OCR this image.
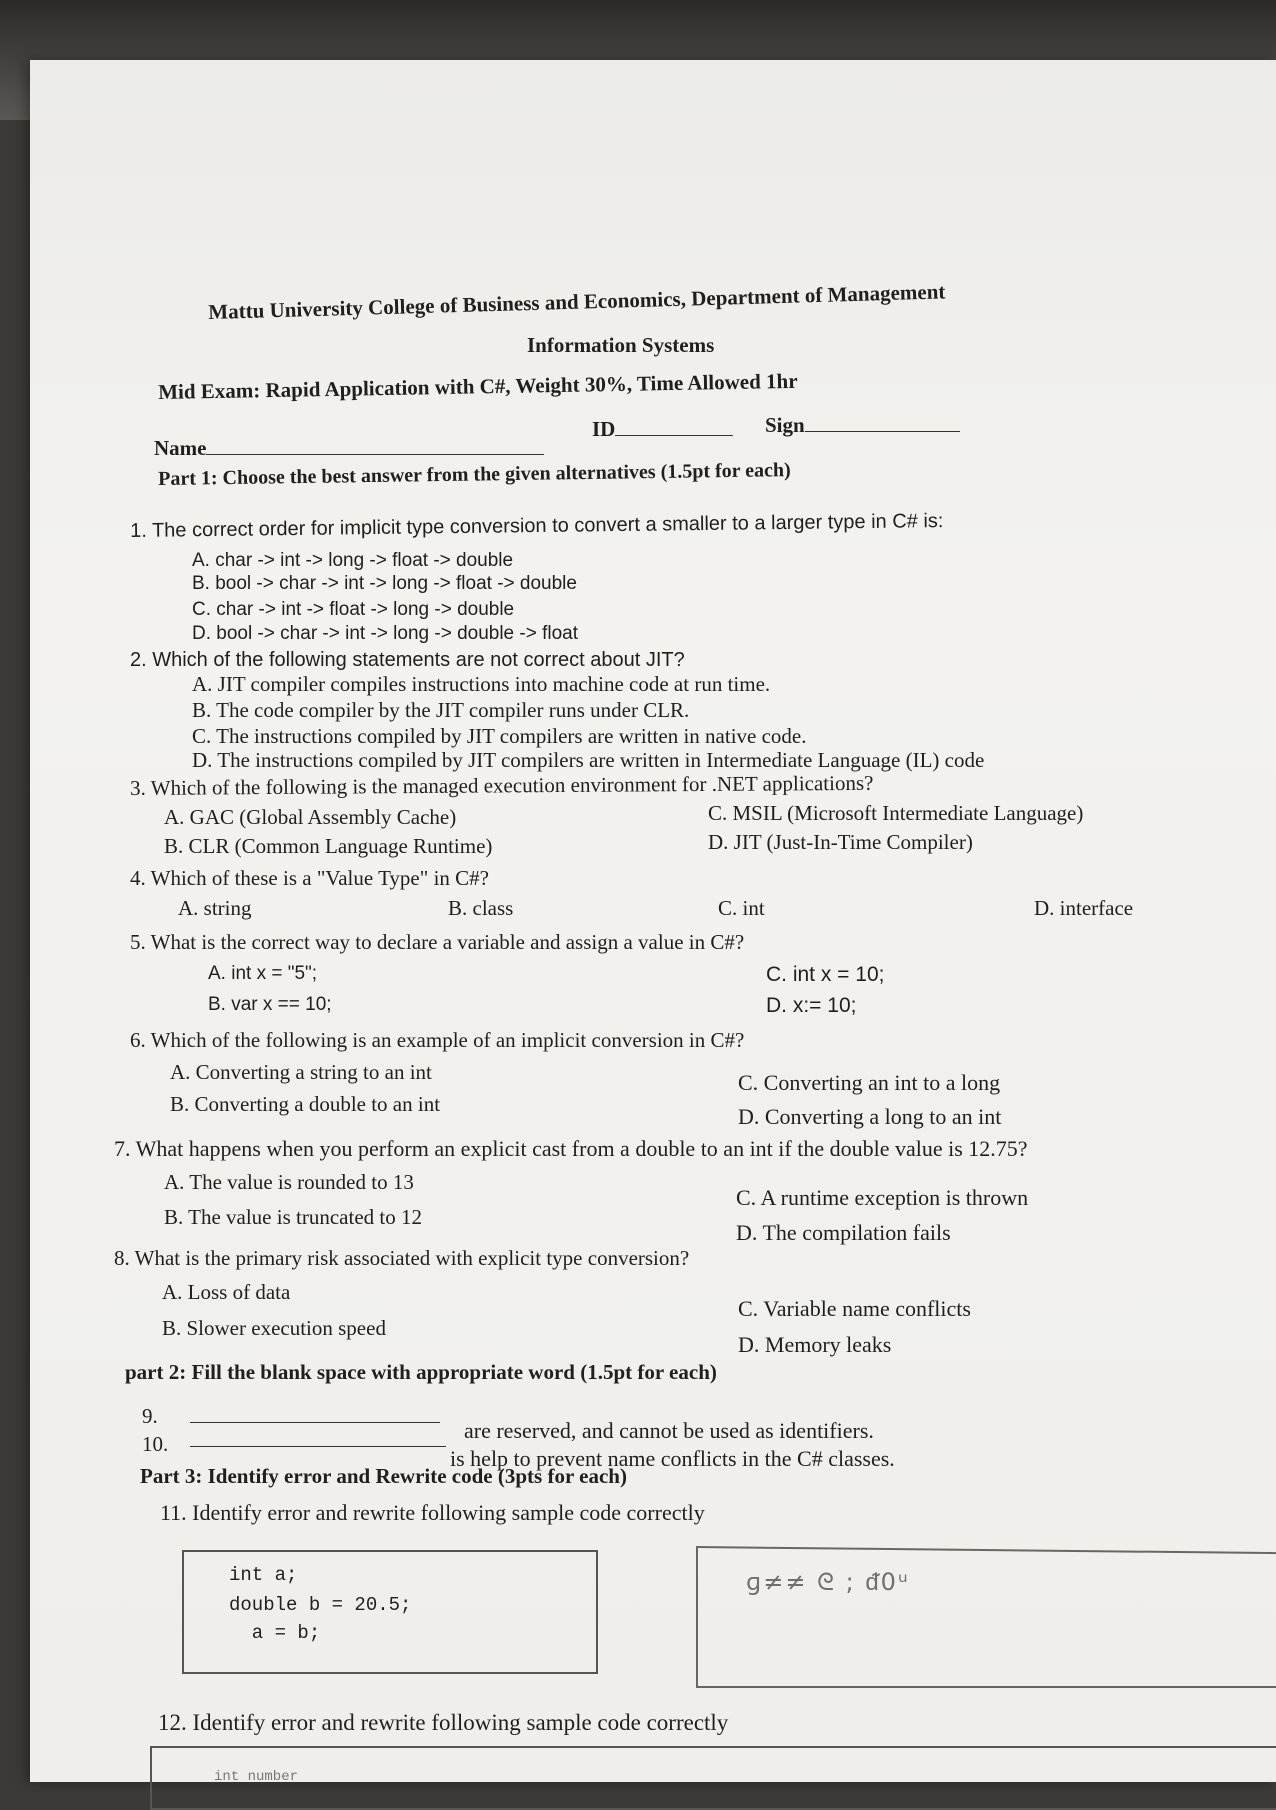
Mattu University College of Business and Economics, Department of Management
Information Systems
Mid Exam: Rapid Application with C#, Weight 30%, Time Allowed 1hr
Name
ID	Sign
Part 1: Choose the best answer from the given alternatives (1.5pt for each)
1. The correct order for implicit type conversion to convert a smaller to a larger type in C# is:
A. char -> int -> long -> float -> double
B. bool -> char -> int -> long -> float -> double
C. char -> int -> float -> long -> double
D. bool -> char -> int -> long -> double -> float
2. Which of the following statements are not correct about JIT?
A. JIT compiler compiles instructions into machine code at run time.
B. The code compiler by the JIT compiler runs under CLR.
C. The instructions compiled by JIT compilers are written in native code.
D. The instructions compiled by JIT compilers are written in Intermediate Language (IL) code
3. Which of the following is the managed execution environment for .NET applications?
A. GAC (Global Assembly Cache)
B. CLR (Common Language Runtime)
C. MSIL (Microsoft Intermediate Language)
D. JIT (Just-In-Time Compiler)
4. Which of these is a "Value Type" in C#?
A. string	B. class	C. int	D. interface
5. What is the correct way to declare a variable and assign a value in C#?
A. int x = "5";
B. var x == 10;
C. int x = 10;
D. x:= 10;
6. Which of the following is an example of an implicit conversion in C#?
A. Converting a string to an int
B. Converting a double to an int
C. Converting an int to a long
D. Converting a long to an int
7. What happens when you perform an explicit cast from a double to an int if the double value is 12.75?
A. The value is rounded to 13
B. The value is truncated to 12
C. A runtime exception is thrown
D. The compilation fails
8. What is the primary risk associated with explicit type conversion?
A. Loss of data
B. Slower execution speed
C. Variable name conflicts
D. Memory leaks
part 2: Fill the blank space with appropriate word (1.5pt for each)
9.
are reserved, and cannot be used as identifiers.
10.
is help to prevent name conflicts in the C# classes.
Part 3: Identify error and Rewrite code (3pts for each)
11. Identify error and rewrite following sample code correctly
int a;
double b = 20.5;
a = b;
ɡ≠≠ ᘓ ; ᵭ0ᵘ
12. Identify error and rewrite following sample code correctly
int number
